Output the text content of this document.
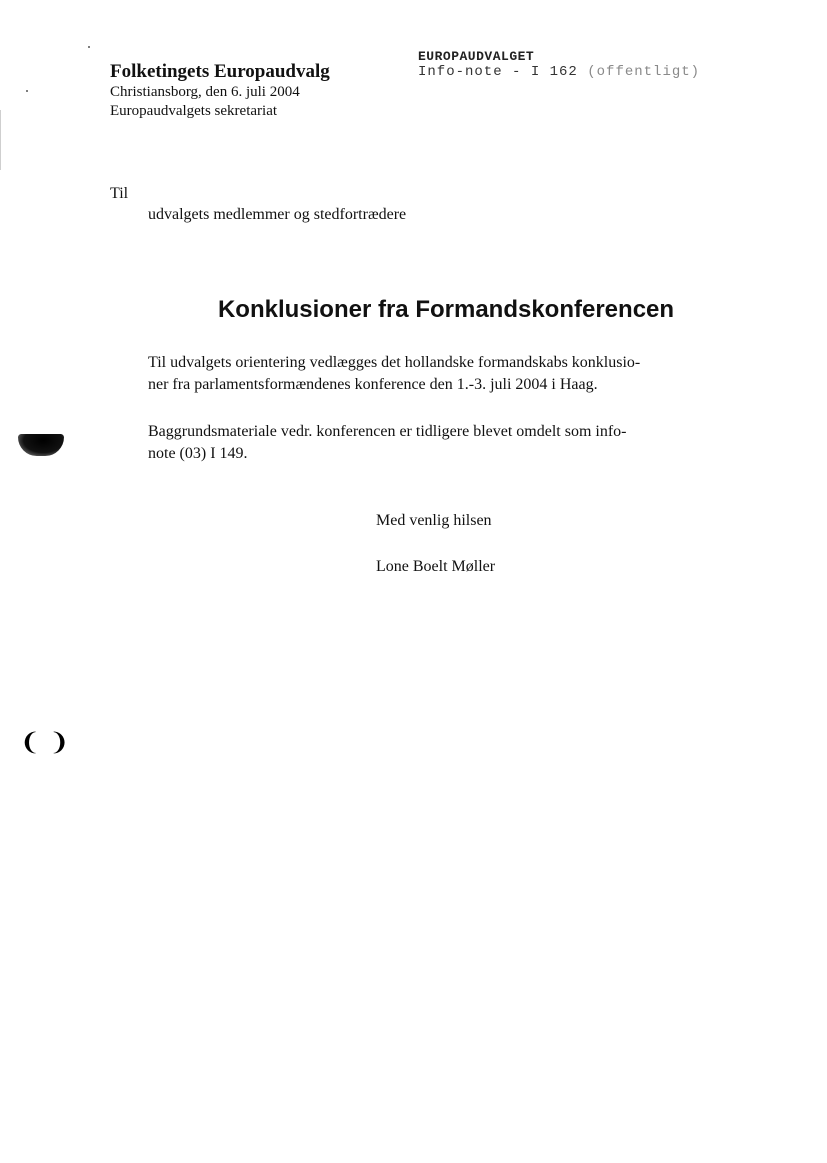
Folketingets Europaudvalg
Christiansborg, den 6. juli 2004
Europaudvalgets sekretariat
EUROPAUDVALGET
Info-note - I 162 (offentligt)
Til
udvalgets medlemmer og stedfortrædere
Konklusioner fra Formandskonferencen
Til udvalgets orientering vedlægges det hollandske formandskabs konklusio-
ner fra parlamentsformændenes konference den 1.-3. juli 2004 i Haag.
Baggrundsmateriale vedr. konferencen er tidligere blevet omdelt som info-
note (03) I 149.
Med venlig hilsen
Lone Boelt Møller
❨ ❩
